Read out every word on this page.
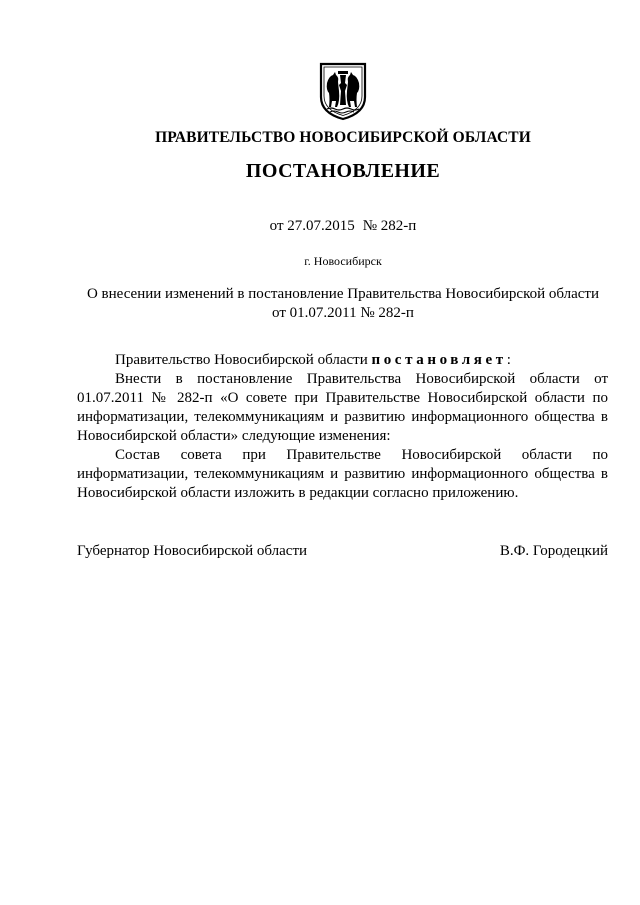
ПРАВИТЕЛЬСТВО НОВОСИБИРСКОЙ ОБЛАСТИ
ПОСТАНОВЛЕНИЕ
от 27.07.2015 № 282-п
г. Новосибирск
О внесении изменений в постановление Правительства Новосибирской области
от 01.07.2011 № 282-п

Правительство Новосибирской области постановляет:

Внести в постановление Правительства Новосибирской области от 01.07.2011 № 282-п «О совете при Правительстве Новосибирской области по информатизации, телекоммуникациям и развитию информационного общества в Новосибирской области» следующие изменения:

Состав совета при Правительстве Новосибирской области по информатизации, телекоммуникациям и развитию информационного общества в Новосибирской области изложить в редакции согласно приложению.

Губернатор Новосибирской области	В.Ф. Городецкий
